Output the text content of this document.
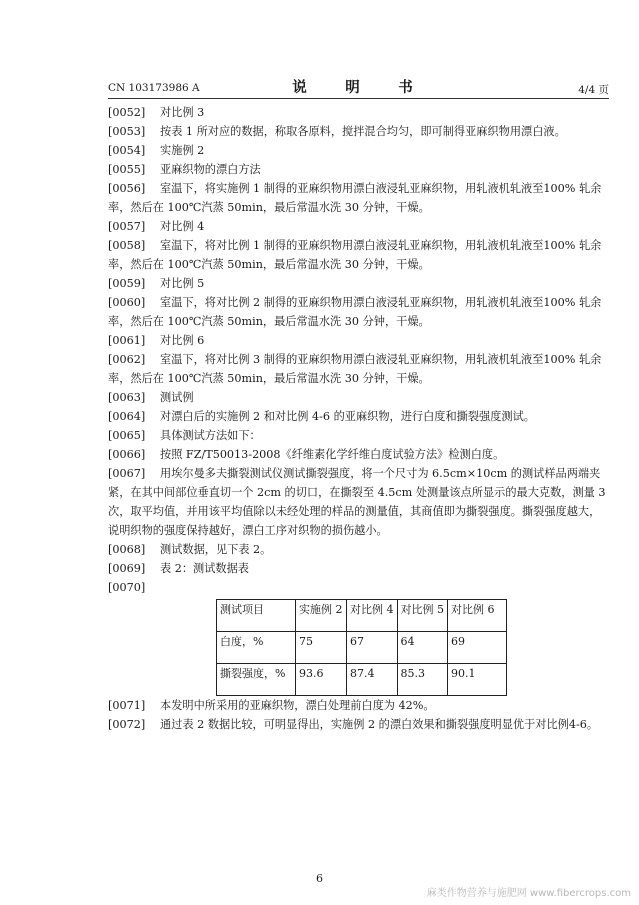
CN 103173986 A	说　明　书	4/4 页
[0052] 对比例 3
[0053] 按表 1 所对应的数据，称取各原料，搅拌混合均匀，即可制得亚麻织物用漂白液。
[0054] 实施例 2
[0055] 亚麻织物的漂白方法
[0056] 室温下，将实施例 1 制得的亚麻织物用漂白液浸轧亚麻织物，用轧液机轧液至100% 轧余率，然后在 100℃汽蒸 50min，最后常温水洗 30 分钟，干燥。
[0057] 对比例 4
[0058] 室温下，将对比例 1 制得的亚麻织物用漂白液浸轧亚麻织物，用轧液机轧液至100% 轧余率，然后在 100℃汽蒸 50min，最后常温水洗 30 分钟，干燥。
[0059] 对比例 5
[0060] 室温下，将对比例 2 制得的亚麻织物用漂白液浸轧亚麻织物，用轧液机轧液至100% 轧余率，然后在 100℃汽蒸 50min，最后常温水洗 30 分钟，干燥。
[0061] 对比例 6
[0062] 室温下，将对比例 3 制得的亚麻织物用漂白液浸轧亚麻织物，用轧液机轧液至100% 轧余率，然后在 100℃汽蒸 50min，最后常温水洗 30 分钟，干燥。
[0063] 测试例
[0064] 对漂白后的实施例 2 和对比例 4-6 的亚麻织物，进行白度和撕裂强度测试。
[0065] 具体测试方法如下：
[0066] 按照 FZ/T50013-2008《纤维素化学纤维白度试验方法》检测白度。
[0067] 用埃尔曼多夫撕裂测试仪测试撕裂强度，将一个尺寸为 6.5cm×10cm 的测试样品两端夹紧，在其中间部位垂直切一个 2cm 的切口，在撕裂至 4.5cm 处测量该点所显示的最大克数，测量 3 次，取平均值，并用该平均值除以未经处理的样品的测量值，其商值即为撕裂强度。撕裂强度越大，说明织物的强度保持越好，漂白工序对织物的损伤越小。
[0068] 测试数据，见下表 2。
[0069] 表 2：测试数据表
[0070]
测试项目	实施例 2	对比例 4	对比例 5	对比例 6
白度，%	75	67	64	69
撕裂强度，%	93.6	87.4	85.3	90.1
[0071] 本发明中所采用的亚麻织物，漂白处理前白度为 42%。
[0072] 通过表 2 数据比较，可明显得出，实施例 2 的漂白效果和撕裂强度明显优于对比例4-6。
6
麻类作物营养与施肥网 www.fibercrops.com
